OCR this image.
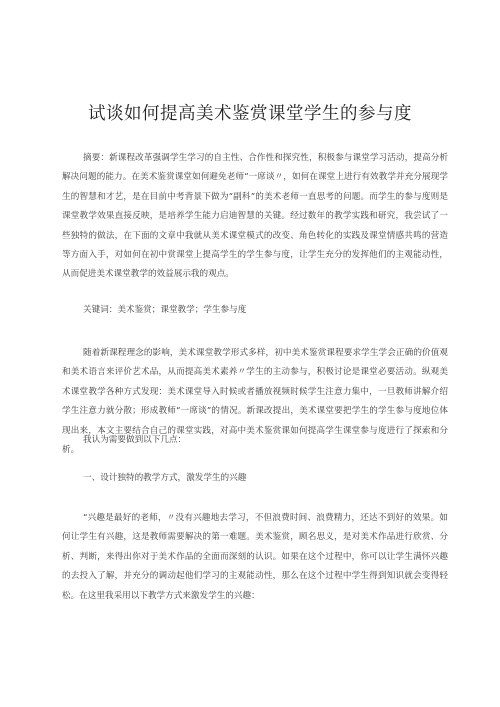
试谈如何提高美术鉴赏课堂学生的参与度

摘要：新课程改革强调学生学习的自主性、合作性和探究性，积极参与课堂学习活动，提高分析解决问题的能力。在美术鉴赏课堂如何避免老师“一席谈〃，如何在课堂上进行有效教学并充分展现学生的智慧和才艺，是在目前中考背景下做为“副科”的美术老师一直思考的问题。而学生的参与度则是课堂教学效果直接反映，是培养学生能力启迪智慧的关键。经过数年的教学实践和研究，我尝试了一些独特的做法，在下面的文章中我就从美术课堂模式的改变、角色转化的实践及课堂情感共鸣的营造等方面入手，对如何在初中赏课堂上提高学生的学生参与度，让学生充分的发挥他们的主观能动性，从而促进美术课堂教学的效益展示我的观点。

关键词：美术鉴赏；课堂教学；学生参与度

随着新课程理念的影响，美术课堂教学形式多样，初中美术鉴赏课程要求学生学会正确的价值观和美术语言来评价艺术品，从而提高美术素养〃学生的主动参与，积极讨论是课堂必要活动。纵观美术课堂教学各种方式发现：美术课堂导入时候或者播放视频时候学生注意力集中，一旦教师讲解介绍学生注意力就分散；形成教师“一席谈”的情况。新课改提出，美术课堂要把学生的学生参与度地位体现出来，本文主要结合自己的课堂实践，对高中美术鉴赏课如何提高学生课堂参与度进行了探索和分析。

我认为需要做到以下几点：

一、设计独特的教学方式，激发学生的兴趣

“兴趣是最好的老师，〃没有兴趣地去学习，不但浪费时间、浪费精力，还达不到好的效果。如何让学生有兴趣，这是教师需要解决的第一难题。美术鉴赏，顾名思义，是对美术作品进行欣赏、分析、判断，来得出你对于美术作品的全面而深刻的认识。如果在这个过程中，你可以让学生满怀兴趣的去投入了解，并充分的调动起他们学习的主观能动性，那么在这个过程中学生得到知识就会变得轻松。在这里我采用以下教学方式来激发学生的兴趣：
